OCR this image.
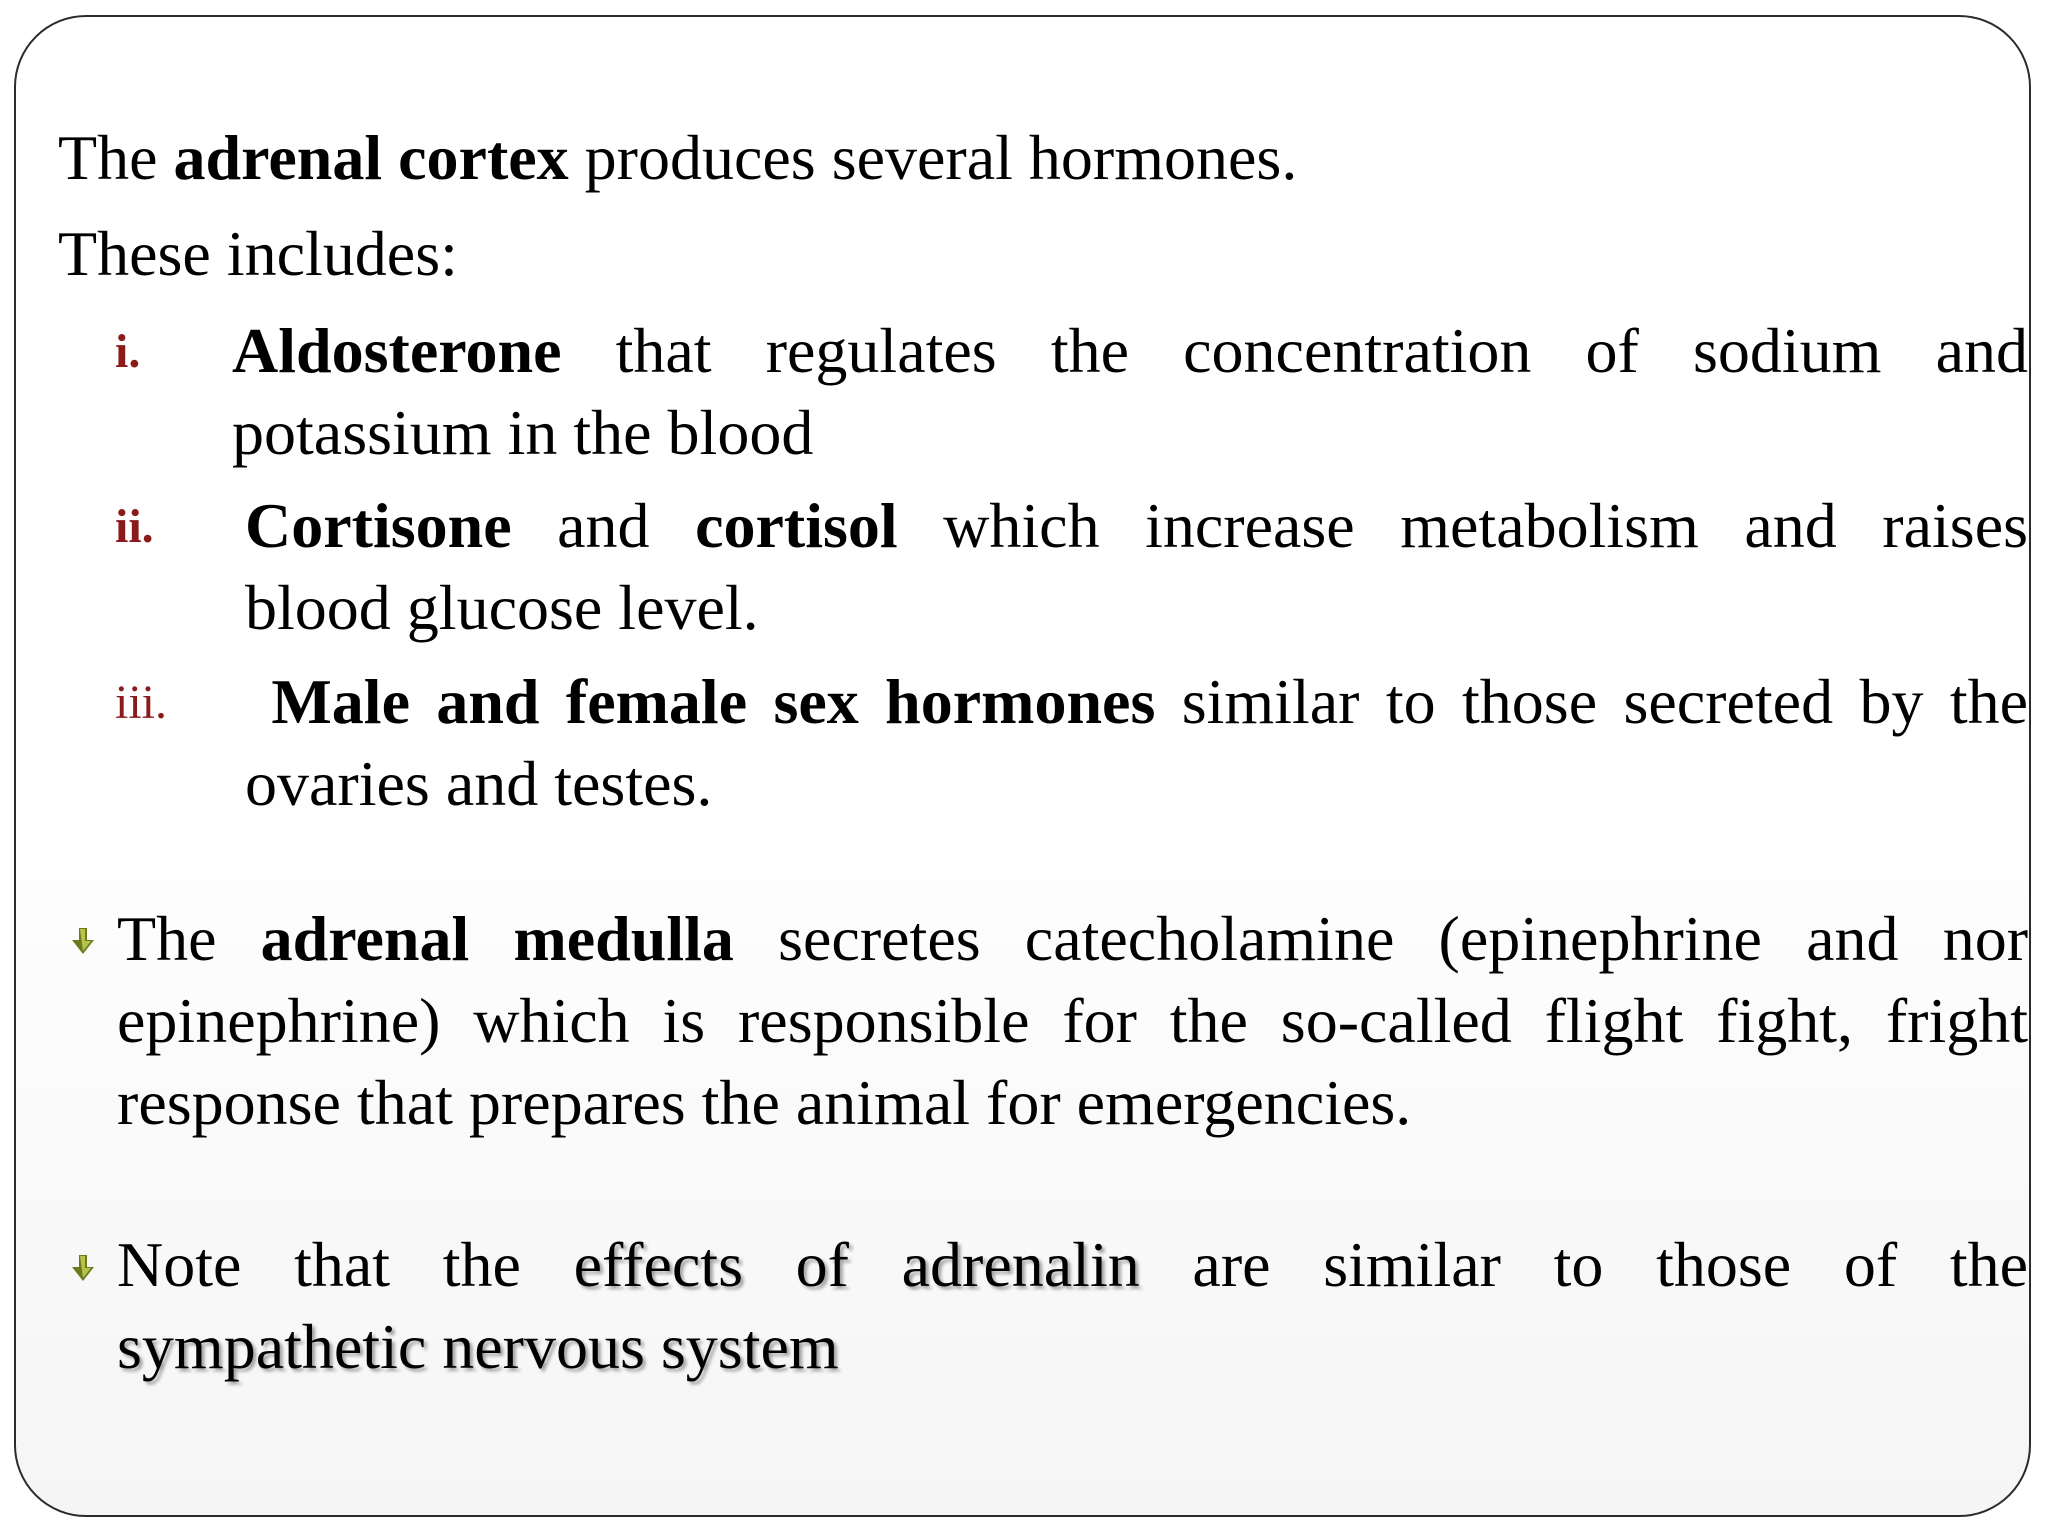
The adrenal cortex produces several hormones.
These includes:
i. Aldosterone that regulates the concentration of sodium and
potassium in the blood
ii. Cortisone and cortisol which increase metabolism and raises
blood glucose level.
iii.	Male and female sex hormones similar to those secreted by the
ovaries and testes.
The adrenal medulla secretes catecholamine (epinephrine and nor
epinephrine) which is responsible for the so-called flight fight, fright
response that prepares the animal for emergencies.
Note that the effects of adrenalin are similar to those of the
sympathetic nervous system
